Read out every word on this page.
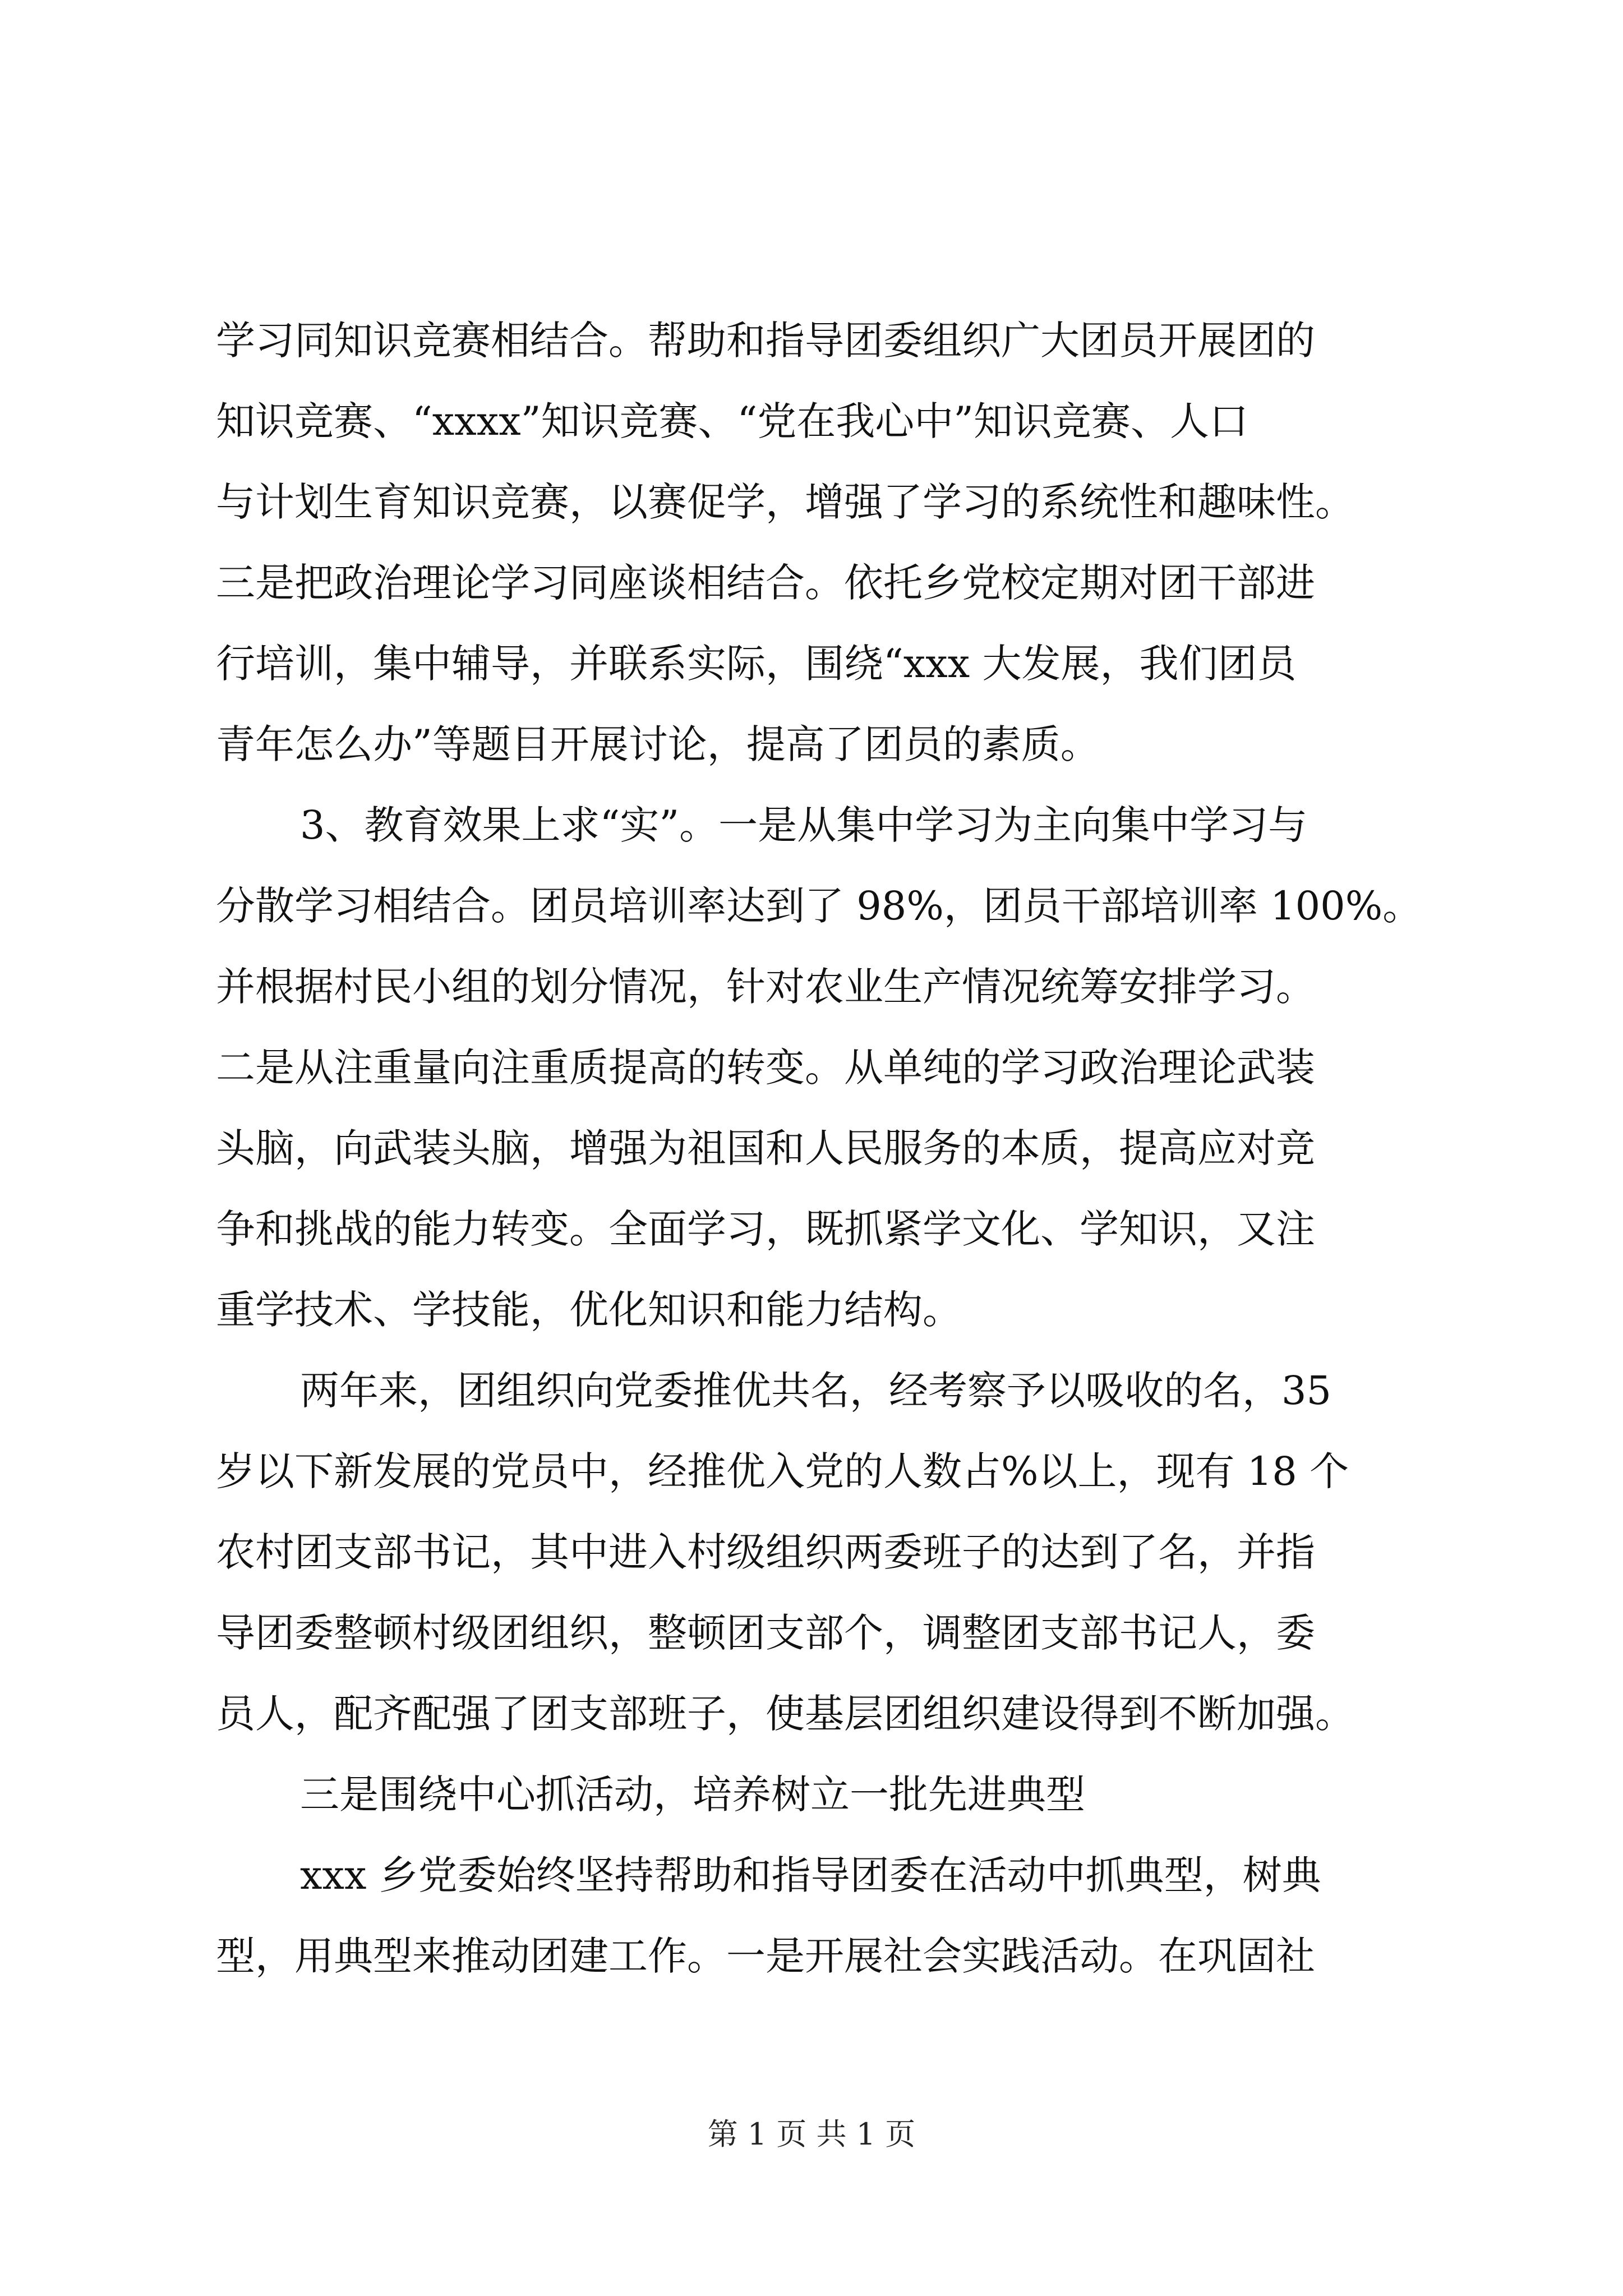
学习同知识竞赛相结合。帮助和指导团委组织广大团员开展团的
知识竞赛、“xxxx”知识竞赛、“党在我心中”知识竞赛、人口
与计划生育知识竞赛，以赛促学，增强了学习的系统性和趣味性。
三是把政治理论学习同座谈相结合。依托乡党校定期对团干部进
行培训，集中辅导，并联系实际，围绕“xxx 大发展，我们团员
青年怎么办”等题目开展讨论，提高了团员的素质。
3、教育效果上求“实”。一是从集中学习为主向集中学习与
分散学习相结合。团员培训率达到了 98%，团员干部培训率 100%。
并根据村民小组的划分情况，针对农业生产情况统筹安排学习。
二是从注重量向注重质提高的转变。从单纯的学习政治理论武装
头脑，向武装头脑，增强为祖国和人民服务的本质，提高应对竞
争和挑战的能力转变。全面学习，既抓紧学文化、学知识，又注
重学技术、学技能，优化知识和能力结构。
两年来，团组织向党委推优共名，经考察予以吸收的名，35
岁以下新发展的党员中，经推优入党的人数占%以上，现有 18 个
农村团支部书记，其中进入村级组织两委班子的达到了名，并指
导团委整顿村级团组织，整顿团支部个，调整团支部书记人，委
员人，配齐配强了团支部班子，使基层团组织建设得到不断加强。
三是围绕中心抓活动，培养树立一批先进典型
xxx 乡党委始终坚持帮助和指导团委在活动中抓典型，树典
型，用典型来推动团建工作。一是开展社会实践活动。在巩固社
第 1 页 共 1 页
